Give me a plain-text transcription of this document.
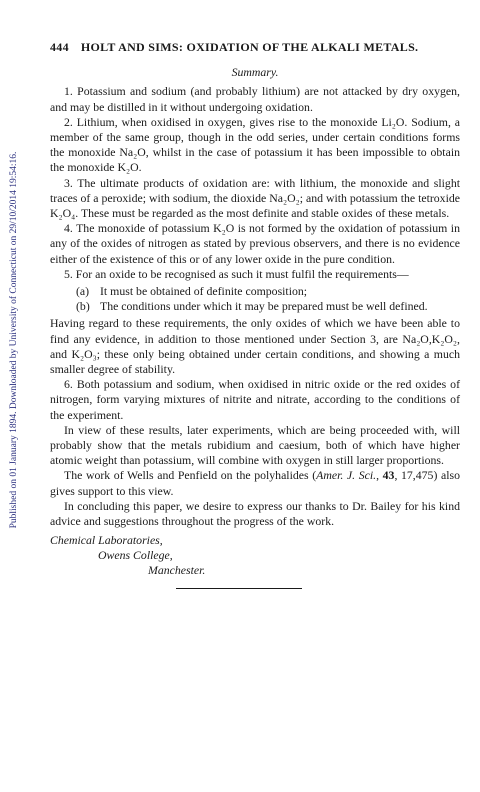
Published on 01 January 1894. Downloaded by University of Connecticut on 29/10/2014 19:54:16.
444 HOLT AND SIMS: OXIDATION OF THE ALKALI METALS.
Summary.

1. Potassium and sodium (and probably lithium) are not attacked by dry oxygen, and may be distilled in it without undergoing oxidation.

2. Lithium, when oxidised in oxygen, gives rise to the monoxide Li₂O. Sodium, a member of the same group, though in the odd series, under certain conditions forms the monoxide Na₂O, whilst in the case of potassium it has been impossible to obtain the monoxide K₂O.

3. The ultimate products of oxidation are: with lithium, the monoxide and slight traces of a peroxide; with sodium, the dioxide Na₂O₂; and with potassium the tetroxide K₂O₄. These must be regarded as the most definite and stable oxides of these metals.

4. The monoxide of potassium K₂O is not formed by the oxidation of potassium in any of the oxides of nitrogen as stated by previous observers, and there is no evidence either of the existence of this or of any lower oxide in the pure condition.

5. For an oxide to be recognised as such it must fulfil the requirements—

(a) It must be obtained of definite composition;
(b) The conditions under which it may be prepared must be well defined.

Having regard to these requirements, the only oxides of which we have been able to find any evidence, in addition to those mentioned under Section 3, are Na₂O,K₂O₂, and K₂O₃; these only being obtained under certain conditions, and showing a much smaller degree of stability.

6. Both potassium and sodium, when oxidised in nitric oxide or the red oxides of nitrogen, form varying mixtures of nitrite and nitrate, according to the conditions of the experiment.

In view of these results, later experiments, which are being proceeded with, will probably show that the metals rubidium and caesium, both of which have higher atomic weight than potassium, will combine with oxygen in still larger proportions.

The work of Wells and Penfield on the polyhalides (Amer. J. Sci., 43, 17,475) also gives support to this view.

In concluding this paper, we desire to express our thanks to Dr. Bailey for his kind advice and suggestions throughout the progress of the work.

Chemical Laboratories,
Owens College,
Manchester.
